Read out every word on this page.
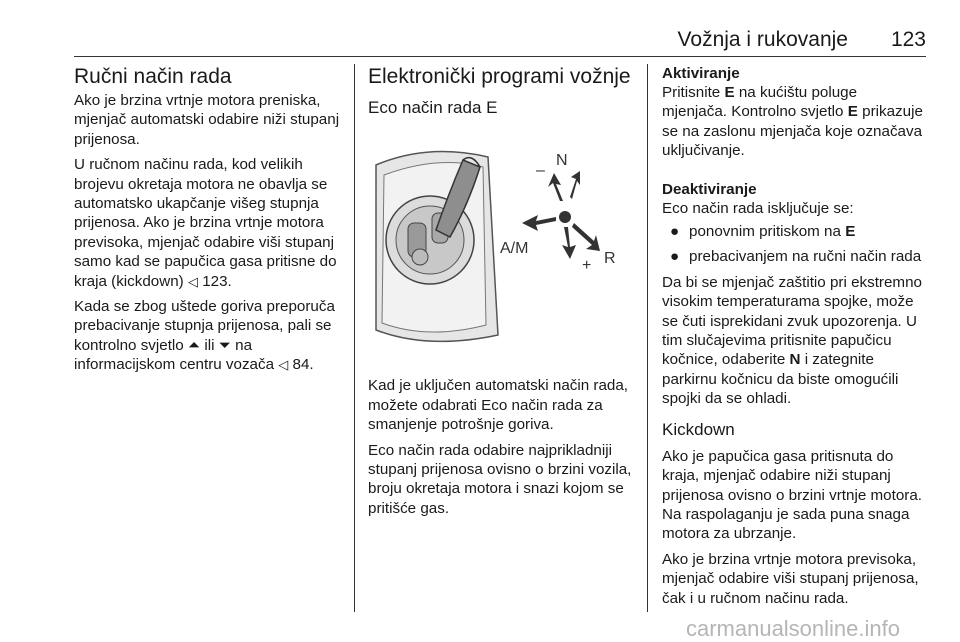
Vožnja i rukovanje 123
Ručni način rada

Ako je brzina vrtnje motora preniska, mjenjač automatski odabire niži stupanj prijenosa.

U ručnom načinu rada, kod velikih brojevu okretaja motora ne obavlja se automatsko ukapčanje višeg stupnja prijenosa. Ako je brzina vrtnje motora previsoka, mjenjač odabire viši stupanj samo kad se papučica gasa pritisne do kraja (kickdown) ◁ 123.

Kada se zbog uštede goriva preporuča prebacivanje stupnja prijenosa, pali se kontrolno svjetlo ⏶ ili ⏷ na informacijskom centru vozača ◁ 84.

Elektronički programi vožnje
Eco način rada E
N
–
A/M
+ R

Kad je uključen automatski način rada, možete odabrati Eco način rada za smanjenje potrošnje goriva.

Eco način rada odabire najprikladniji stupanj prijenosa ovisno o brzini vozila, broju okretaja motora i snazi kojom se pritišće gas.

Aktiviranje

Pritisnite E na kućištu poluge mjenjača. Kontrolno svjetlo E prikazuje se na zaslonu mjenjača koje označava uključivanje.

Deaktiviranje

Eco način rada isključuje se:

● ponovnim pritiskom na E
● prebacivanjem na ručni način rada

Da bi se mjenjač zaštitio pri ekstremno visokim temperaturama spojke, može se čuti isprekidani zvuk upozorenja. U tim slučajevima pritisnite papučicu kočnice, odaberite N i zategnite parkirnu kočnicu da biste omogućili spojki da se ohladi.

Kickdown

Ako je papučica gasa pritisnuta do kraja, mjenjač odabire niži stupanj prijenosa ovisno o brzini vrtnje motora. Na raspolaganju je sada puna snaga motora za ubrzanje.

Ako je brzina vrtnje motora previsoka, mjenjač odabire viši stupanj prijenosa, čak i u ručnom načinu rada.

carmanualsonline.info
